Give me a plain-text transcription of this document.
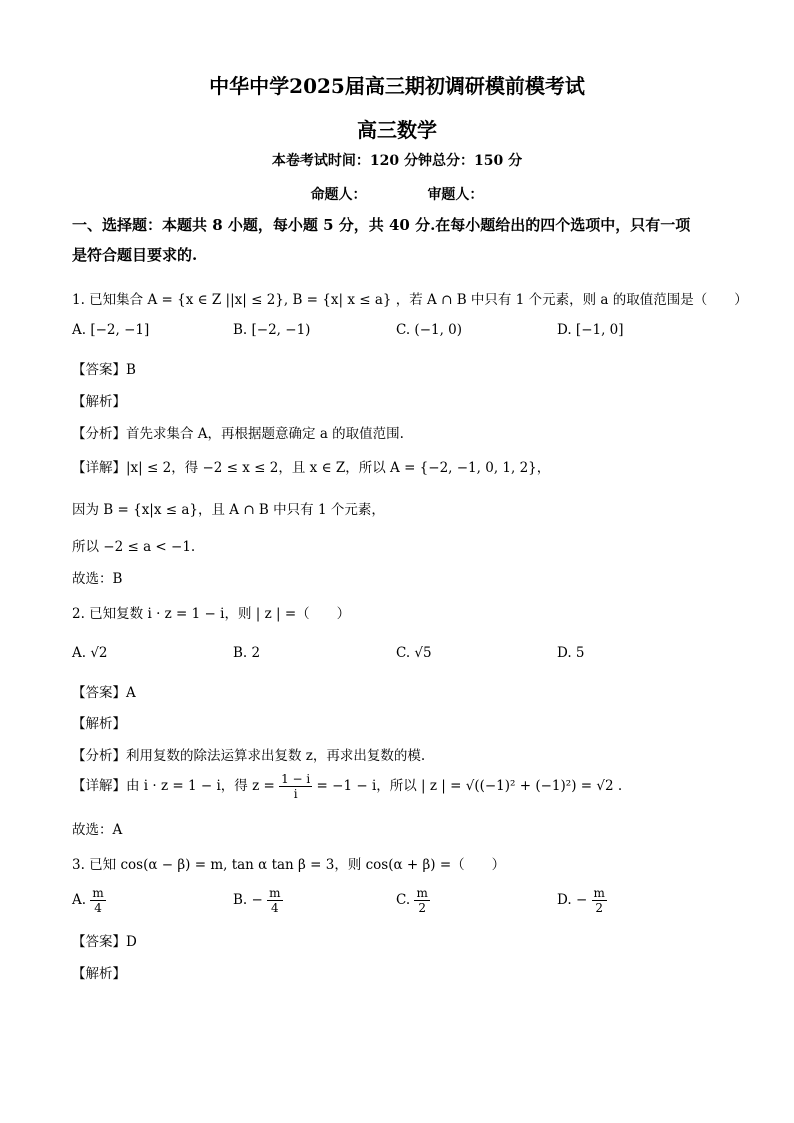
中华中学2025届高三期初调研模前模考试
高三数学
本卷考试时间：120 分钟总分：150 分
命题人：	审题人：
一、选择题：本题共 8 小题，每小题 5 分，共 40 分.在每小题给出的四个选项中，只有一项
是符合题目要求的.
1. 已知集合 A = {x ∈ Z ||x| ≤ 2}, B = {x| x ≤ a} ，若 A ∩ B 中只有 1 个元素，则 a 的取值范围是（　　）
A. [−2, −1]	B. [−2, −1)	C. (−1, 0)	D. [−1, 0]
【答案】B
【解析】
【分析】首先求集合 A，再根据题意确定 a 的取值范围.
【详解】|x| ≤ 2，得 −2 ≤ x ≤ 2，且 x ∈ Z，所以 A = {−2, −1, 0, 1, 2}，
因为 B = {x|x ≤ a}，且 A ∩ B 中只有 1 个元素，
所以 −2 ≤ a < −1.
故选：B
2. 已知复数 i · z = 1 − i，则 | z | =（　　）
A. √2	B. 2	C. √5	D. 5
【答案】A
【解析】
【分析】利用复数的除法运算求出复数 z，再求出复数的模.
【详解】由 i · z = 1 − i，得 $z = \frac{1 - i}{i} = -1 - i$，所以 | z | = √((−1)² + (−1)²) = √2 .
故选：A
3. 已知 cos(α − β) = m, tan α tan β = 3，则 cos(α + β) =（　　）
A. $\frac{m}{4}$	B. − $\frac{m}{4}$	C. $\frac{m}{2}$	D. − $\frac{m}{2}$
【答案】D
【解析】
